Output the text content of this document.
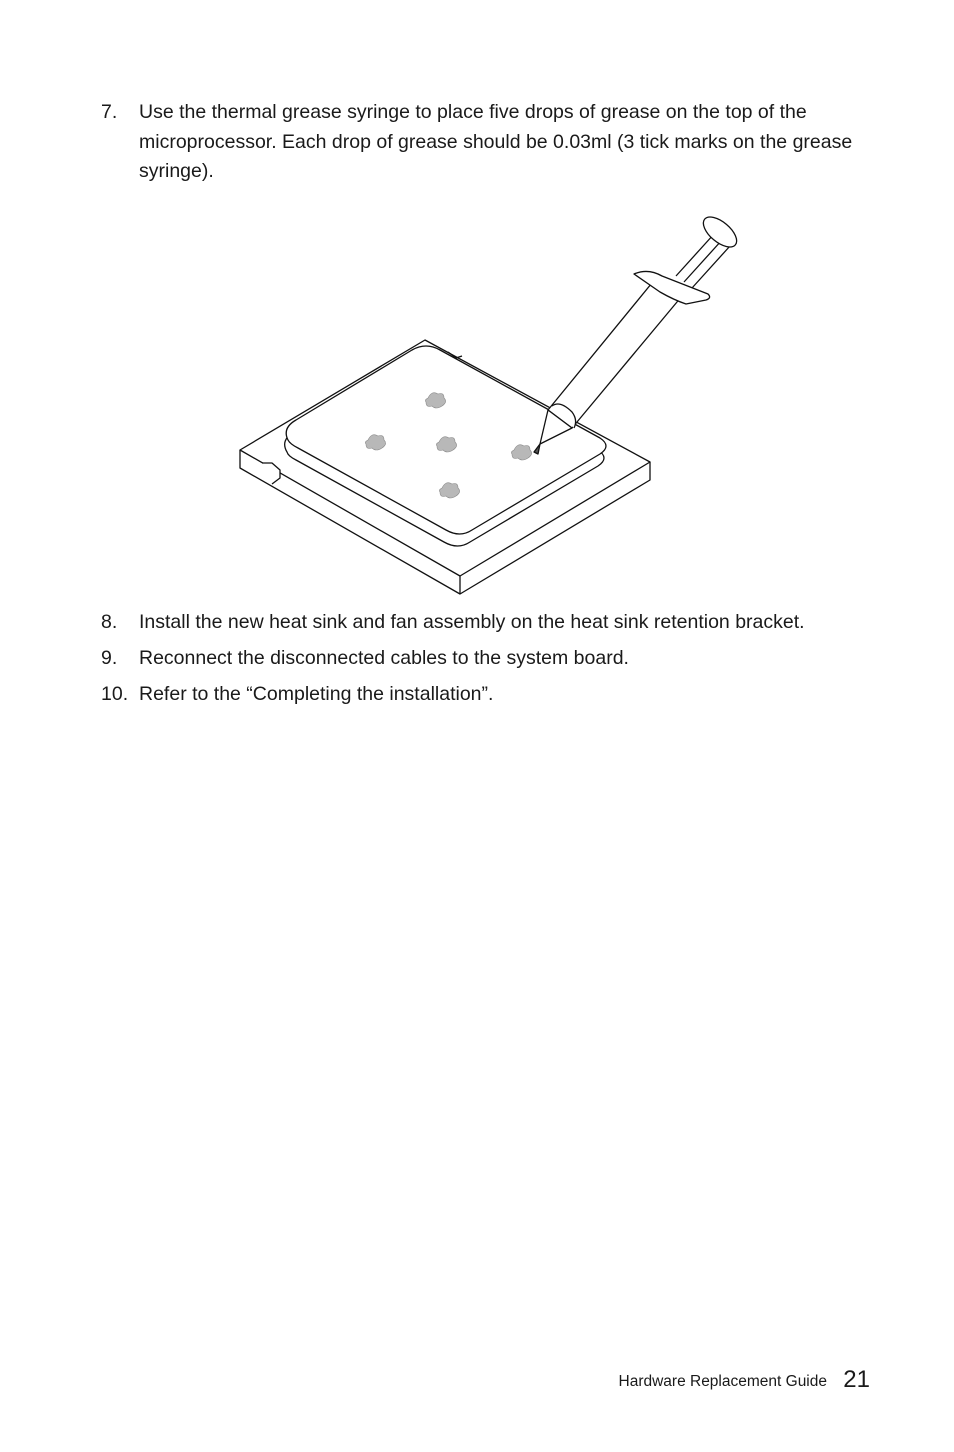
7.	Use the thermal grease syringe to place five drops of grease on the top of the microprocessor. Each drop of grease should be 0.03ml (3 tick marks on the grease syringe).
8.	Install the new heat sink and fan assembly on the heat sink retention bracket.
9.	Reconnect the disconnected cables to the system board.
10. Refer to the “Completing the installation”.
Hardware Replacement Guide 21
